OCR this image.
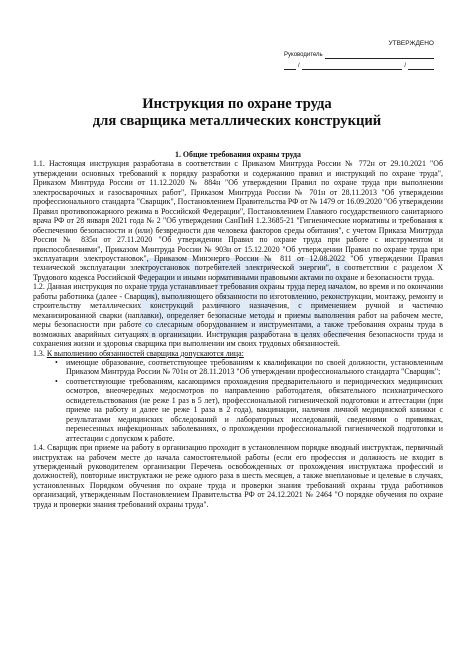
УТВЕРЖДЕНО
Руководитель
/	/
Инструкция по охране труда
для сварщика металлических конструкций

1. Общие требования охраны труда

1.1. Настоящая инструкция разработана в соответствии с Приказом Минтруда России № 772н от 29.10.2021 "Об утверждении основных требований к порядку разработки и содержанию правил и инструкций по охране труда", Приказом Минтруда России от 11.12.2020 № 884н "Об утверждении Правил по охране труда при выполнении электросварочных и газосварочных работ", Приказом Минтруда России № 701н от 28.11.2013 "Об утверждении профессионального стандарта "Сварщик", Постановлением Правительства РФ от № 1479 от 16.09.2020 "Об утверждении Правил противопожарного режима в Российской Федерации", Постановлением Главного государственного санитарного врача РФ от 28 января 2021 года № 2 "Об утверждении СанПиН 1.2.3685-21 "Гигиенические нормативы и требования к обеспечению безопасности и (или) безвредности для человека факторов среды обитания", с учетом Приказа Минтруда России № 835н от 27.11.2020 "Об утверждении Правил по охране труда при работе с инструментом и приспособлениями", Приказом Минтруда России № 903н от 15.12.2020 "Об утверждении Правил по охране труда при эксплуатации электроустановок", Приказом Минэнерго России № 811 от 12.08.2022 "Об утверждении Правил технической эксплуатации электроустановок потребителей электрической энергии", в соответствии с разделом X Трудового кодекса Российской Федерации и иными нормативными правовыми актами по охране и безопасности труда.

1.2. Данная инструкция по охране труда устанавливает требования охраны труда перед началом, во время и по окончании работы работника (далее - Сварщик), выполняющего обязанности по изготовлению, реконструкции, монтажу, ремонту и строительству металлических конструкций различного назначения, с применением ручной и частично механизированной сварки (наплавки), определяет безопасные методы и приемы выполнения работ на рабочем месте, меры безопасности при работе со слесарным оборудованием и инструментами, а также требования охраны труда в возможных аварийных ситуациях в организации. Инструкция разработана в целях обеспечения безопасности труда и сохранения жизни и здоровья сварщика при выполнении им своих трудовых обязанностей.

1.3. К выполнению обязанностей сварщика допускаются лица:

• имеющие образование, соответствующее требованиям к квалификации по своей должности, установленным Приказом Минтруда России № 701н от 28.11.2013 "Об утверждении профессионального стандарта "Сварщик";
• соответствующие требованиям, касающимся прохождения предварительного и периодических медицинских осмотров, внеочередных медосмотров по направлению работодателя, обязательного психиатрического освидетельствования (не реже 1 раз в 5 лет), профессиональной гигиенической подготовки и аттестации (при приеме на работу и далее не реже 1 раза в 2 года), вакцинации, наличия личной медицинской книжки с результатами медицинских обследований и лабораторных исследований, сведениями о прививках, перенесенных инфекционных заболеваниях, о прохождении профессиональной гигиенической подготовки и аттестации с допуском к работе.

1.4. Сварщик при приеме на работу в организацию проходит в установленном порядке вводный инструктаж, первичный инструктаж на рабочем месте до начала самостоятельной работы (если его профессия и должность не входит в утвержденный руководителем организации Перечень освобожденных от прохождения инструктажа профессий и должностей), повторные инструктажи не реже одного раза в шесть месяцев, а также внеплановые и целевые в случаях, установленных Порядком обучения по охране труда и проверки знания требований охраны труда работников организаций, утвержденным Постановлением Правительства РФ от 24.12.2021 № 2464 "О порядке обучения по охране труда и проверки знания требований охраны труда".
